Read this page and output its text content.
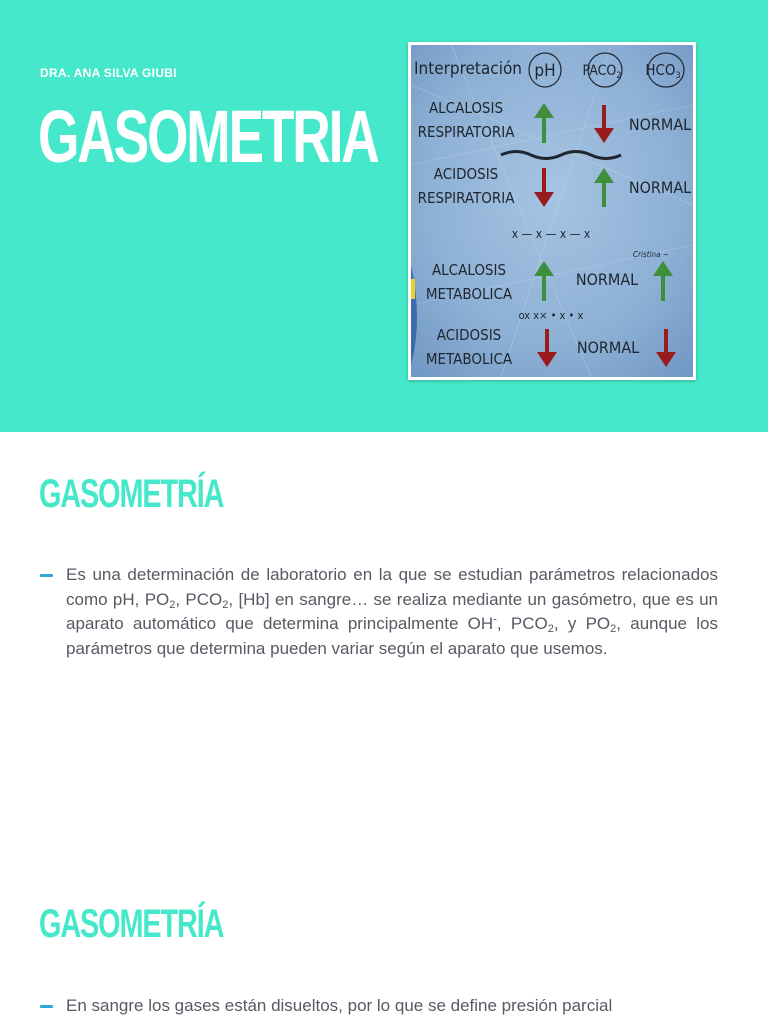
DRA. ANA SILVA GIUBI
GASOMETRIA
Interpretación pH $PACO_2$ $HCO_3$
ALCALOSIS
RESPIRATORIA	NORMAL
ACIDOSIS
RESPIRATORIA
NORMAL
x — x — x — x
Cristina ~
ALCALOSIS
METABOLICA
NORMAL
ox x× • x • x
ACIDOSIS
METABOLICA
NORMAL
GASOMETRÍA

Es una determinación de laboratorio en la que se estudian parámetros relacionados como pH, $PO_2$, $PCO_2$, [Hb] en sangre… se realiza mediante un gasómetro, que es un aparato automático que determina principalmente OH-, $PCO_2$, y $PO_2$, aunque los parámetros que determina pueden variar según el aparato que usemos.

GASOMETRÍA

En sangre los gases están disueltos, por lo que se define presión parcial
